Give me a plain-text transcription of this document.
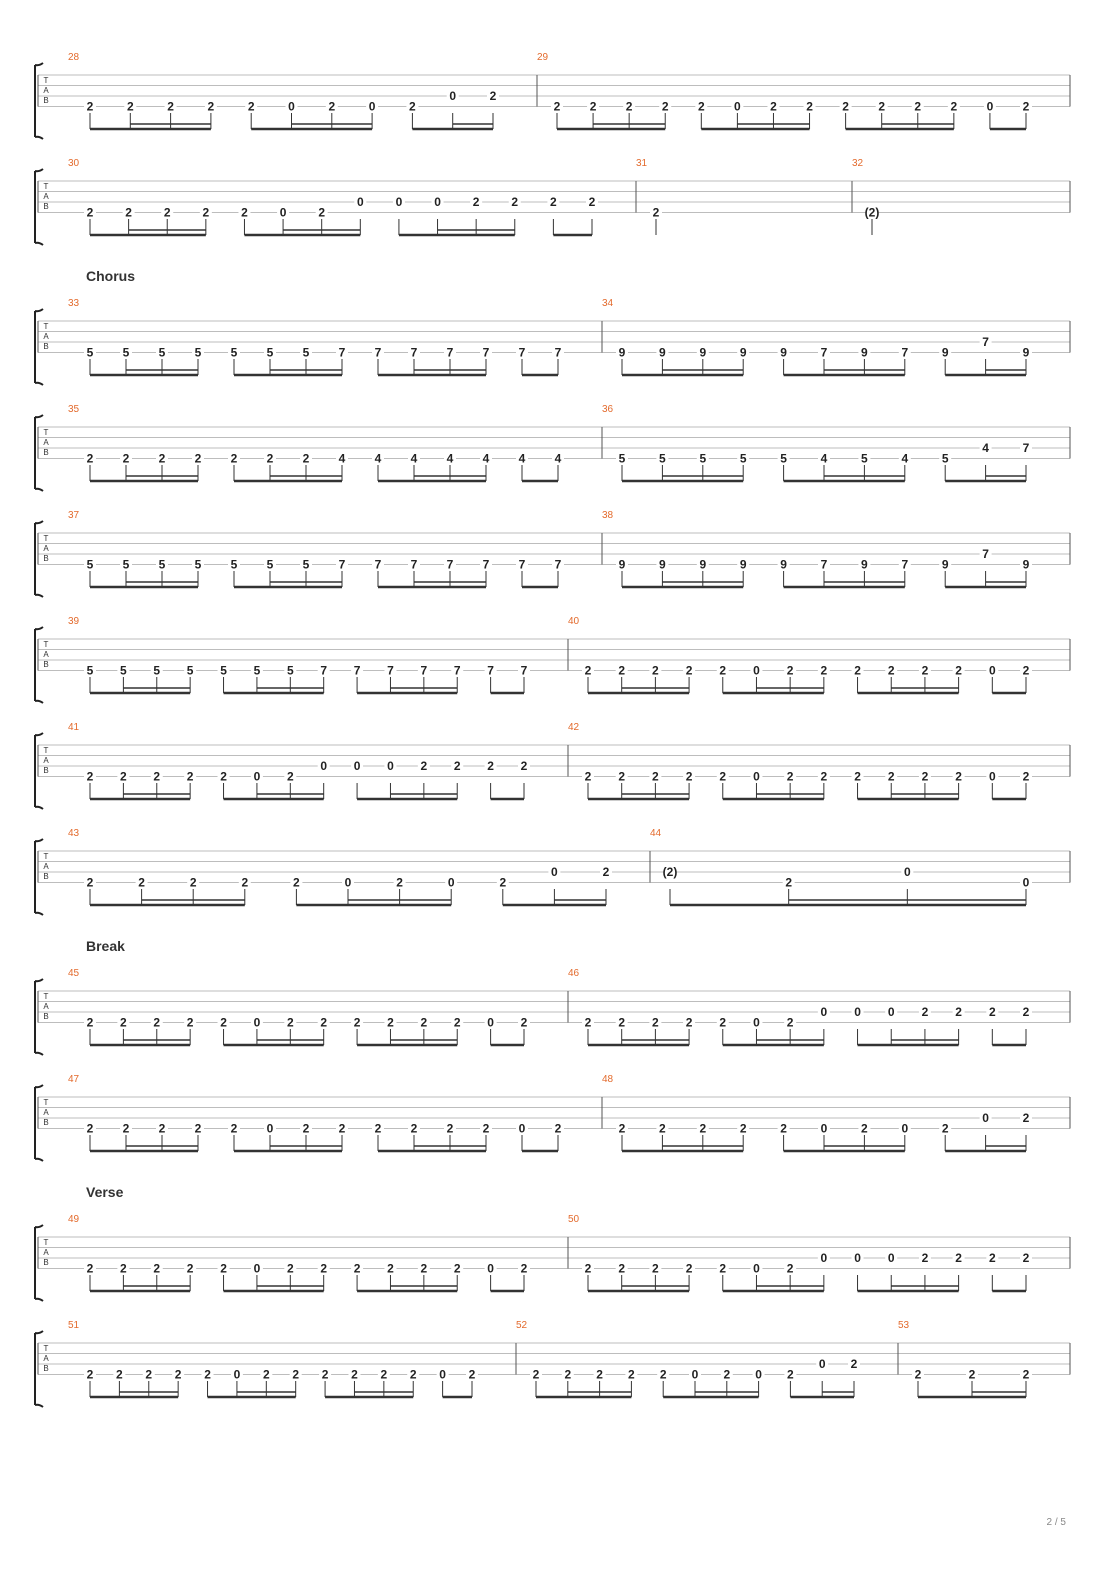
T
A
B
28
2	2	2	2	2	0	2	0	2
0	2
29
2 2 2 2 2 0 2 2 2 2 2 2 0 2
T
A
B
30
2	2	2	2	2	0	2
0	0	0	2	2	2	2
31
2
32
(2)
Chorus
T
A
B
33
5 5 5 5 5 5 5 7 7 7 7 7 7 7
34
9	9	9	9	9	7	9	7	9
7
9
T
A
B
35
2 2 2 2 2 2 2 4 4 4 4 4 4 4
36
5	5	5	5	5	4	5	4	5
4	7
T
A
B
37
5 5 5 5 5 5 5 7 7 7 7 7 7 7
38
9	9	9	9	9	7	9	7	9
7
9
T
A
B
39
5 5 5 5 5 5 5 7 7 7 7 7 7 7
40
2 2 2 2 2 0 2 2 2 2 2 2 0 2
T
A
B
41
2 2 2 2 2 0 2
0 0 0 2 2 2 2
42
2 2 2 2 2 0 2 2 2 2 2 2 0 2
T
A
B
43
2	2	2	2	2	0	2	0	2
0	2
44
(2)
2
0
0
Break
T
A
B
45
2 2 2 2 2 0 2 2 2 2 2 2 0 2
46
2 2 2 2 2 0 2
0 0 0 2 2 2 2
T
A
B
47
2 2 2 2 2 0 2 2 2 2 2 2 0 2
48
2	2	2	2	2	0	2	0	2
0	2
Verse
T
A
B
49
2 2 2 2 2 0 2 2 2 2 2 2 0 2
50
2 2 2 2 2 0 2
0 0 0 2 2 2 2
T
A
B
51
2 2 2 2 2 0 2 2 2 2 2 2 0 2
52
2 2 2 2 2 0 2 0 2
0 2
53
2	2	2
2 / 5
